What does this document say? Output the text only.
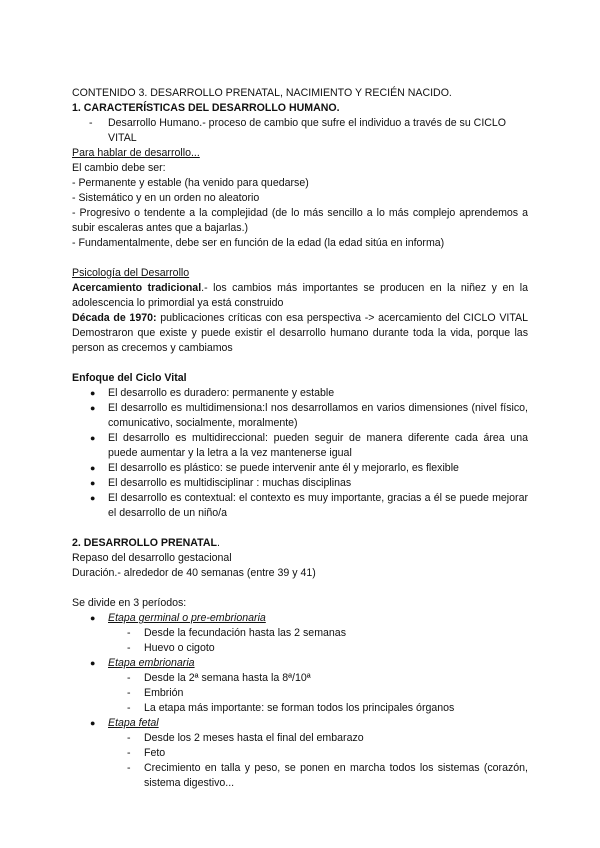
CONTENIDO 3. DESARROLLO PRENATAL, NACIMIENTO Y RECIÉN NACIDO.

1. CARACTERÍSTICAS DEL DESARROLLO HUMANO.

- Desarrollo Humano.- proceso de cambio que sufre el individuo a través de su CICLO VITAL

Para hablar de desarrollo...

El cambio debe ser:

- Permanente y estable (ha venido para quedarse)

- Sistemático y en un orden no aleatorio

- Progresivo o tendente a la complejidad (de lo más sencillo a lo más complejo aprendemos a subir escaleras antes que a bajarlas.)

- Fundamentalmente, debe ser en función de la edad (la edad sitúa en informa)

Psicología del Desarrollo

Acercamiento tradicional.- los cambios más importantes se producen en la niñez y en la adolescencia lo primordial ya está construido

Década de 1970: publicaciones críticas con esa perspectiva -> acercamiento del CICLO VITAL Demostraron que existe y puede existir el desarrollo humano durante toda la vida, porque las person as crecemos y cambiamos

Enfoque del Ciclo Vital

● El desarrollo es duradero: permanente y estable
● El desarrollo es multidimensiona:l nos desarrollamos en varios dimensiones (nivel físico, comunicativo, socialmente, moralmente)
● El desarrollo es multidireccional: pueden seguir de manera diferente cada área una puede aumentar y la letra a la vez mantenerse igual
● El desarrollo es plástico: se puede intervenir ante él y mejorarlo, es flexible
● El desarrollo es multidisciplinar : muchas disciplinas
● El desarrollo es contextual: el contexto es muy importante, gracias a él se puede mejorar el desarrollo de un niño/a

2. DESARROLLO PRENATAL.

Repaso del desarrollo gestacional

Duración.- alrededor de 40 semanas (entre 39 y 41)

Se divide en 3 períodos:

● Etapa germinal o pre-embrionaria
- Desde la fecundación hasta las 2 semanas
- Huevo o cigoto
● Etapa embrionaria
- Desde la 2ª semana hasta la 8ª/10ª
- Embrión
- La etapa más importante: se forman todos los principales órganos
● Etapa fetal
- Desde los 2 meses hasta el final del embarazo
- Feto
- Crecimiento en talla y peso, se ponen en marcha todos los sistemas (corazón, sistema digestivo...
